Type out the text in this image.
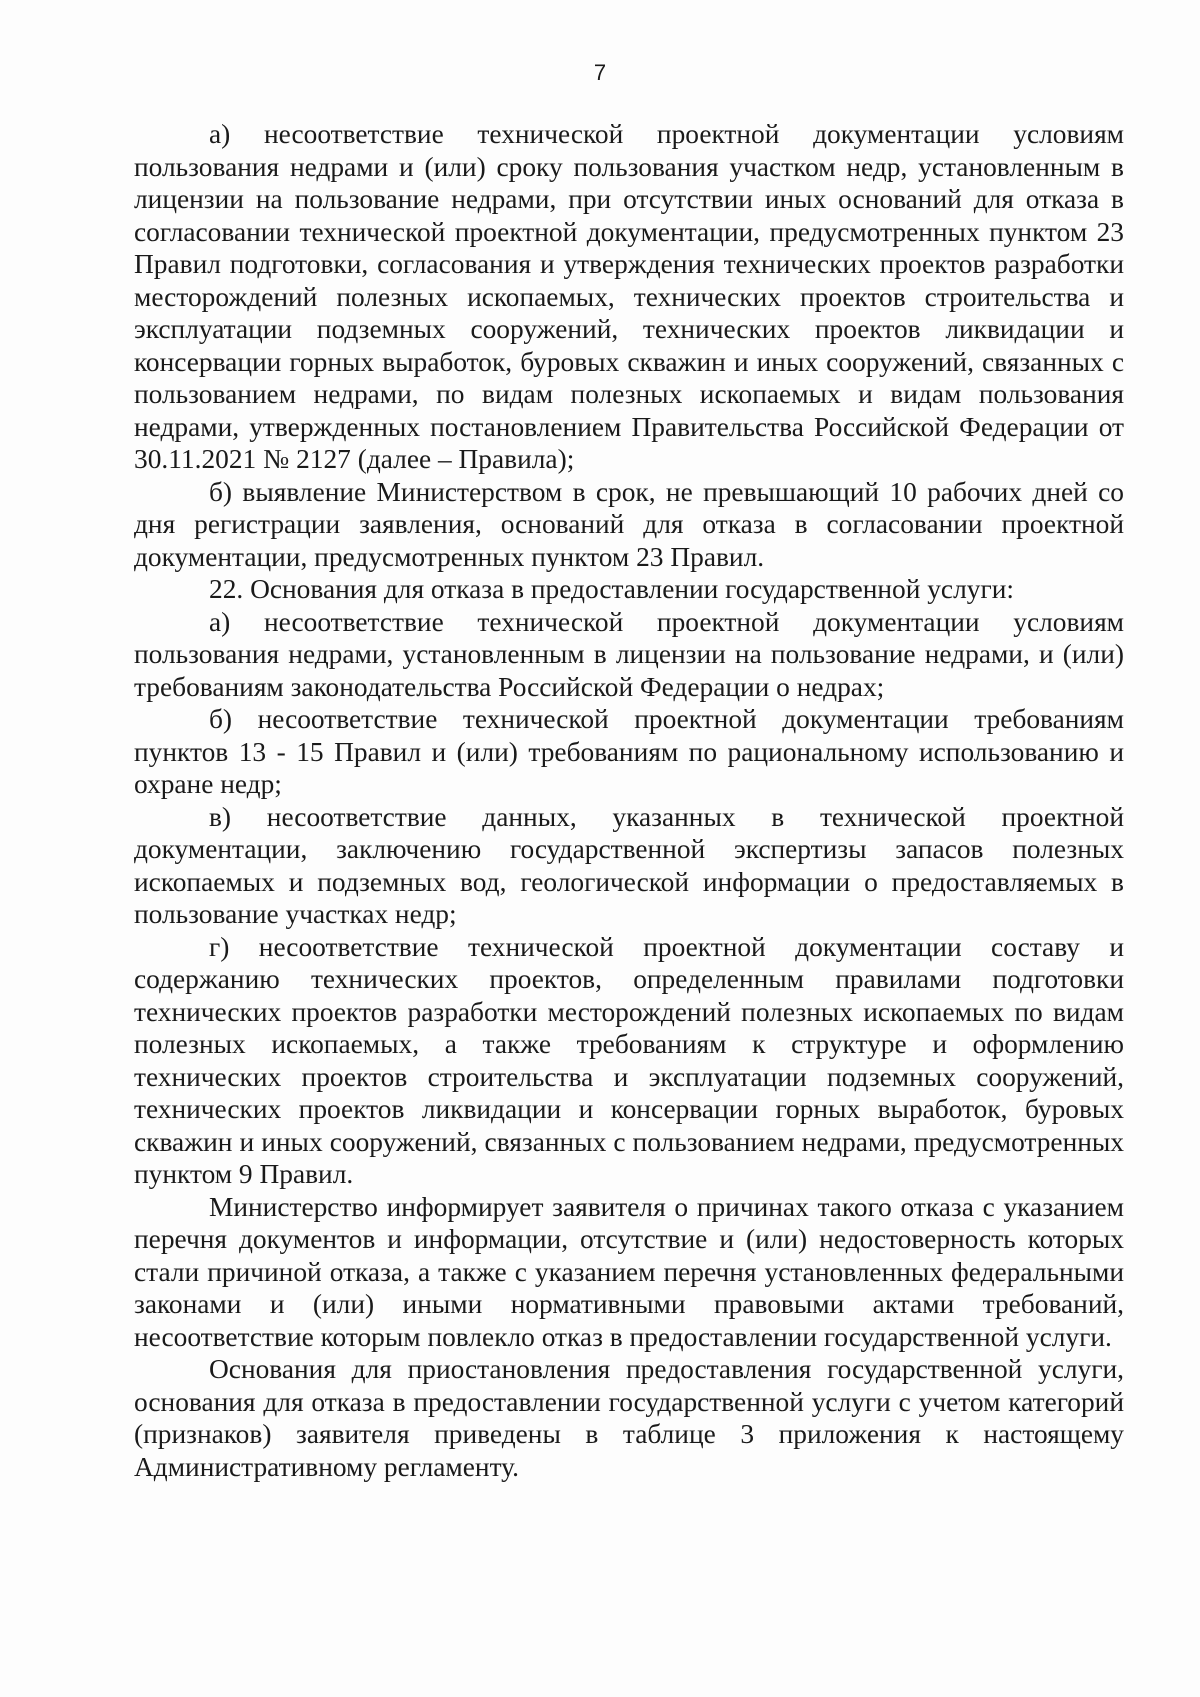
7

а) несоответствие технической проектной документации условиям пользования недрами и (или) сроку пользования участком недр, установленным в лицензии на пользование недрами, при отсутствии иных оснований для отказа в согласовании технической проектной документации, предусмотренных пунктом 23 Правил подготовки, согласования и утверждения технических проектов разработки месторождений полезных ископаемых, технических проектов строительства и эксплуатации подземных сооружений, технических проектов ликвидации и консервации горных выработок, буровых скважин и иных сооружений, связанных с пользованием недрами, по видам полезных ископаемых и видам пользования недрами, утвержденных постановлением Правительства Российской Федерации от 30.11.2021 № 2127 (далее – Правила);

б) выявление Министерством в срок, не превышающий 10 рабочих дней со дня регистрации заявления, оснований для отказа в согласовании проектной документации, предусмотренных пунктом 23 Правил.

22. Основания для отказа в предоставлении государственной услуги:

а) несоответствие технической проектной документации условиям пользования недрами, установленным в лицензии на пользование недрами, и (или) требованиям законодательства Российской Федерации о недрах;

б) несоответствие технической проектной документации требованиям пунктов 13 - 15 Правил и (или) требованиям по рациональному использованию и охране недр;

в) несоответствие данных, указанных в технической проектной документации, заключению государственной экспертизы запасов полезных ископаемых и подземных вод, геологической информации о предоставляемых в пользование участках недр;

г) несоответствие технической проектной документации составу и содержанию технических проектов, определенным правилами подготовки технических проектов разработки месторождений полезных ископаемых по видам полезных ископаемых, а также требованиям к структуре и оформлению технических проектов строительства и эксплуатации подземных сооружений, технических проектов ликвидации и консервации горных выработок, буровых скважин и иных сооружений, связанных с пользованием недрами, предусмотренных пунктом 9 Правил.

Министерство информирует заявителя о причинах такого отказа с указанием перечня документов и информации, отсутствие и (или) недостоверность которых стали причиной отказа, а также с указанием перечня установленных федеральными законами и (или) иными нормативными правовыми актами требований, несоответствие которым повлекло отказ в предоставлении государственной услуги.

Основания для приостановления предоставления государственной услуги, основания для отказа в предоставлении государственной услуги с учетом категорий (признаков) заявителя приведены в таблице 3 приложения к настоящему Административному регламенту.
